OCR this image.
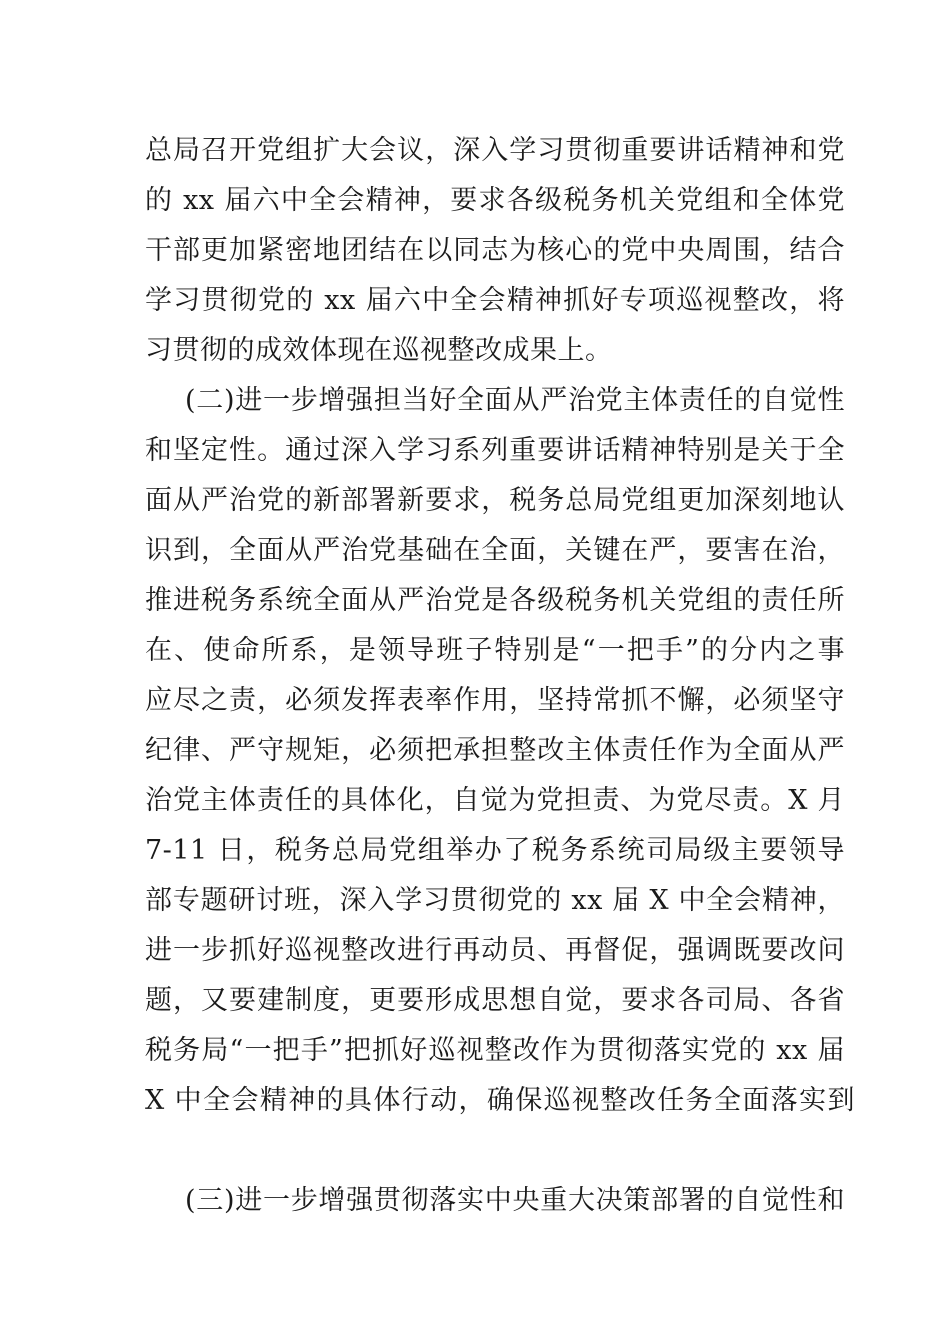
总局召开党组扩大会议，深入学习贯彻重要讲话精神和党
的 xx 届六中全会精神，要求各级税务机关党组和全体党
干部更加紧密地团结在以同志为核心的党中央周围，结合
学习贯彻党的 xx 届六中全会精神抓好专项巡视整改，将
习贯彻的成效体现在巡视整改成果上。
(二)进一步增强担当好全面从严治党主体责任的自觉性
和坚定性。通过深入学习系列重要讲话精神特别是关于全
面从严治党的新部署新要求，税务总局党组更加深刻地认
识到，全面从严治党基础在全面，关键在严，要害在治，
推进税务系统全面从严治党是各级税务机关党组的责任所
在、使命所系，是领导班子特别是“一把手”的分内之事
应尽之责，必须发挥表率作用，坚持常抓不懈，必须坚守
纪律、严守规矩，必须把承担整改主体责任作为全面从严
治党主体责任的具体化，自觉为党担责、为党尽责。X 月
7-11 日，税务总局党组举办了税务系统司局级主要领导
部专题研讨班，深入学习贯彻党的 xx 届 X 中全会精神，
进一步抓好巡视整改进行再动员、再督促，强调既要改问
题，又要建制度，更要形成思想自觉，要求各司局、各省
税务局“一把手”把抓好巡视整改作为贯彻落实党的 xx 届
X 中全会精神的具体行动，确保巡视整改任务全面落实到
(三)进一步增强贯彻落实中央重大决策部署的自觉性和
